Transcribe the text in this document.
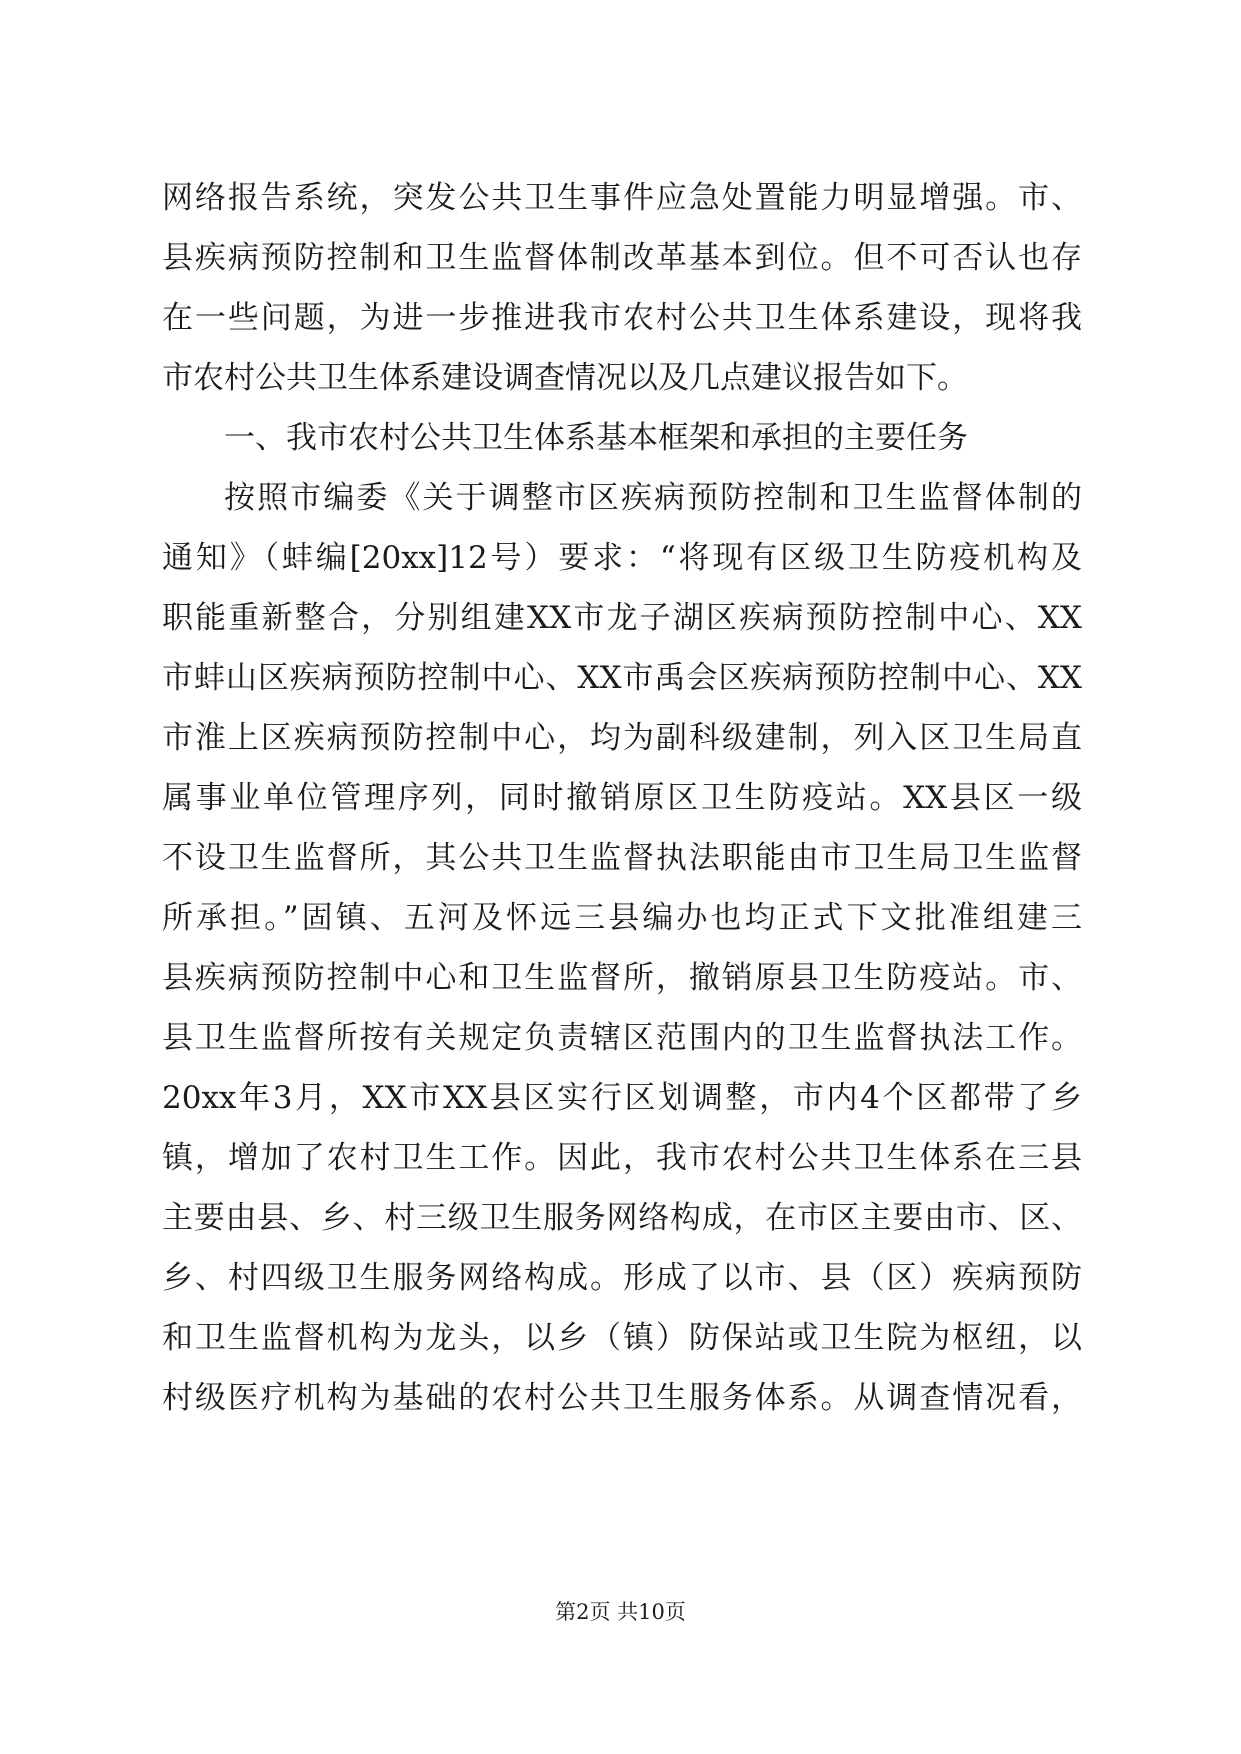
网络报告系统，突发公共卫生事件应急处置能力明显增强。市、
县疾病预防控制和卫生监督体制改革基本到位。但不可否认也存
在一些问题，为进一步推进我市农村公共卫生体系建设，现将我
市农村公共卫生体系建设调查情况以及几点建议报告如下。
一、我市农村公共卫生体系基本框架和承担的主要任务
按照市编委《关于调整市区疾病预防控制和卫生监督体制的
通知》（蚌编[20xx]12号）要求：“将现有区级卫生防疫机构及
职能重新整合，分别组建XX市龙子湖区疾病预防控制中心、XX
市蚌山区疾病预防控制中心、XX市禹会区疾病预防控制中心、XX
市淮上区疾病预防控制中心，均为副科级建制，列入区卫生局直
属事业单位管理序列，同时撤销原区卫生防疫站。XX县区一级
不设卫生监督所，其公共卫生监督执法职能由市卫生局卫生监督
所承担。”固镇、五河及怀远三县编办也均正式下文批准组建三
县疾病预防控制中心和卫生监督所，撤销原县卫生防疫站。市、
县卫生监督所按有关规定负责辖区范围内的卫生监督执法工作。
20xx年3月，XX市XX县区实行区划调整，市内4个区都带了乡
镇，增加了农村卫生工作。因此，我市农村公共卫生体系在三县
主要由县、乡、村三级卫生服务网络构成，在市区主要由市、区、
乡、村四级卫生服务网络构成。形成了以市、县（区）疾病预防
和卫生监督机构为龙头，以乡（镇）防保站或卫生院为枢纽，以
村级医疗机构为基础的农村公共卫生服务体系。从调查情况看，
第2页 共10页
